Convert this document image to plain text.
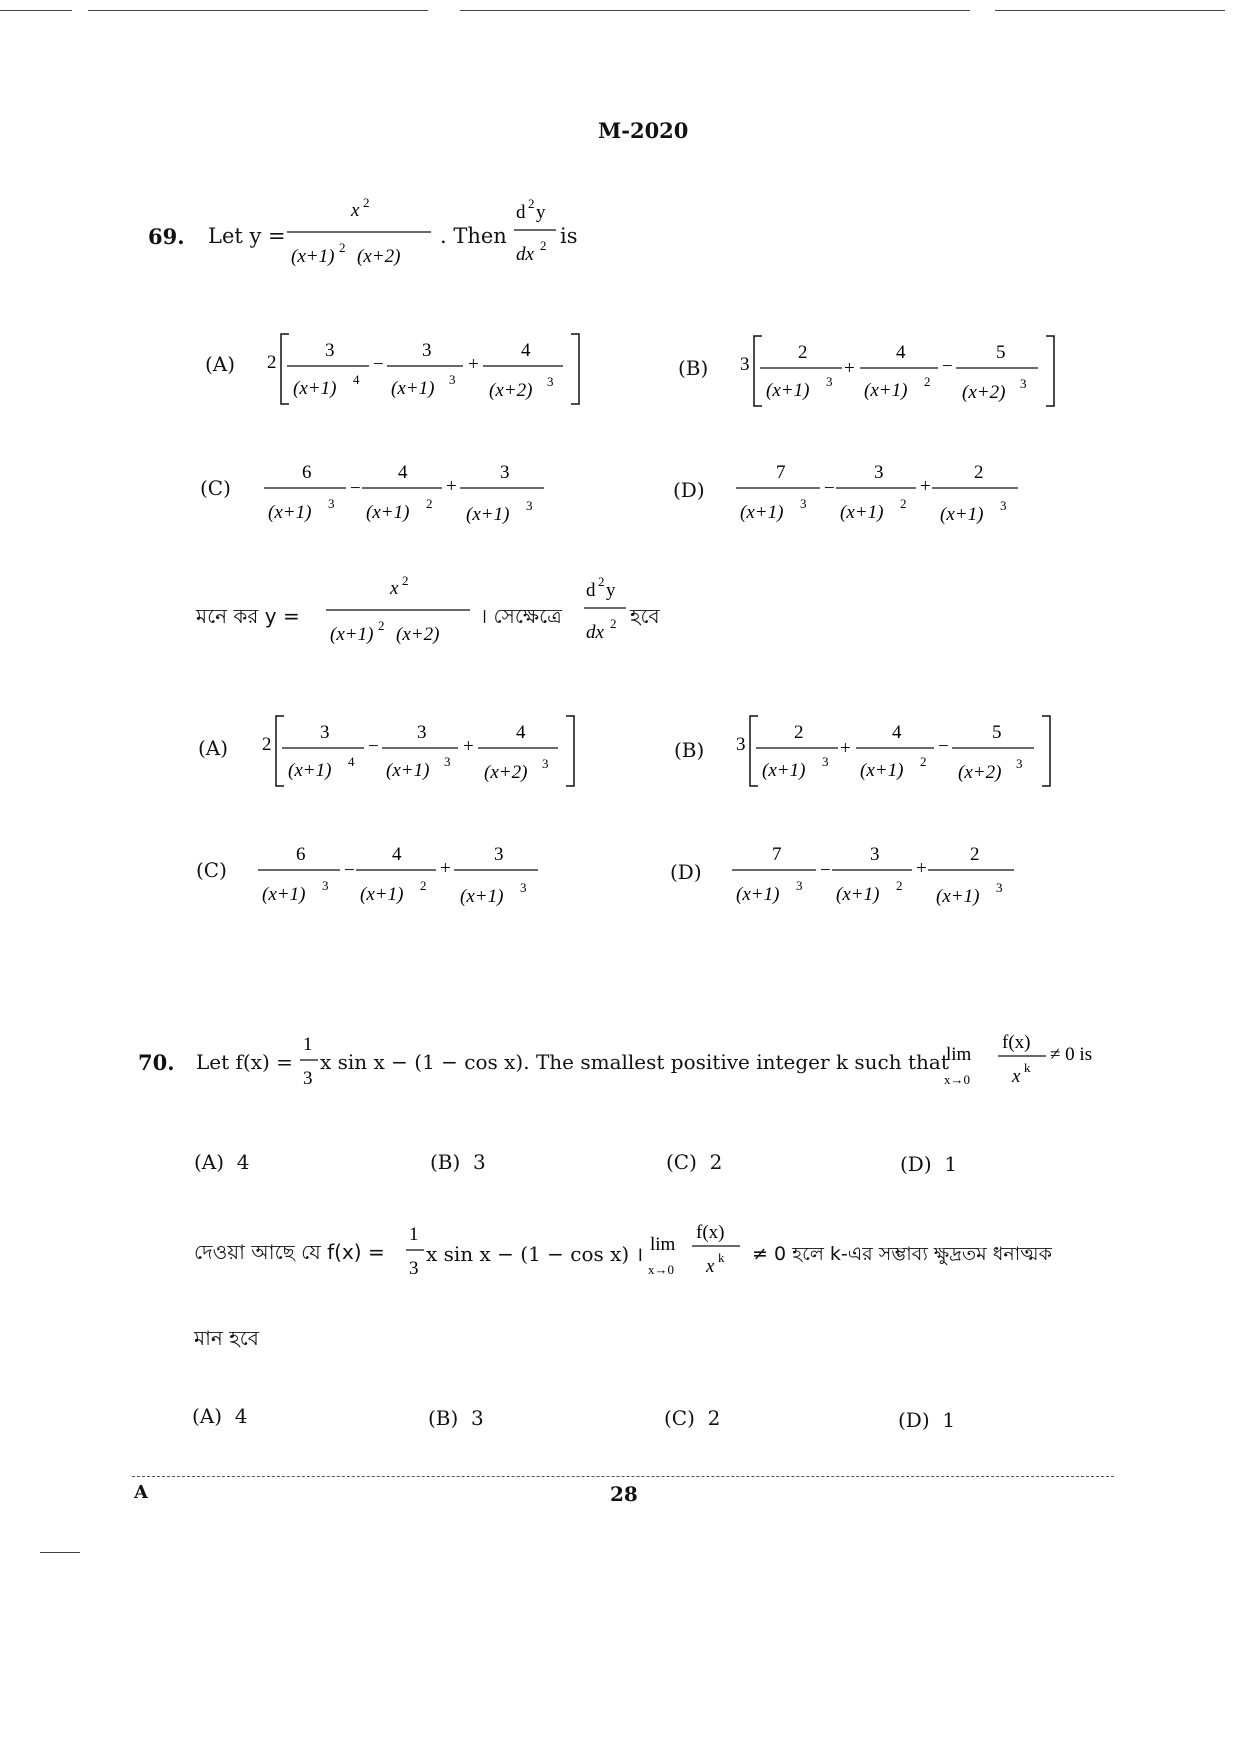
M-2020
69. Let y =
x 2
(x+1) 2 (x+2)
. Then
d 2 y
dx 2 is
(A) 2
3
(x+1) 4
−
3
(x+1) 3
+
4
(x+2) 3
(B) 3
2
(x+1) 3
+
4
(x+1) 2
−
5
(x+2) 3
(C)
6
(x+1) 3
−
4
(x+1) 2
+
3
(x+1) 3
(D)
7
(x+1) 3
−
3
(x+1) 2
+
2
(x+1) 3
মনে কর y =
x 2
(x+1) 2 (x+2)
। সেক্ষেত্রে
d 2 y
dx 2 হবে
(A) 2
3
(x+1) 4
−
3
(x+1) 3
+
4
(x+2) 3
(B) 3
2
(x+1) 3
+
4
(x+1) 2
−
5
(x+2) 3
(C)
6
(x+1) 3
−
4
(x+1) 2
+
3
(x+1) 3
(D)
7
(x+1) 3
−
3
(x+1) 2
+
2
(x+1) 3
70. Let f(x) =
1
3
x sin x − (1 − cos x). The smallest positive integer k such that
lim
x→0
f(x)
x k
≠ 0 is
(A) 4	(B) 3	(C) 2	(D) 1
দেওয়া আছে যে f(x) =
1
3
x sin x − (1 − cos x) । lim
x→0
f(x)
x k ≠ 0 হলে k-এর সম্ভাব্য ক্ষুদ্রতম ধনাত্মক
মান হবে
(A) 4	(B) 3	(C) 2	(D) 1
A	28
